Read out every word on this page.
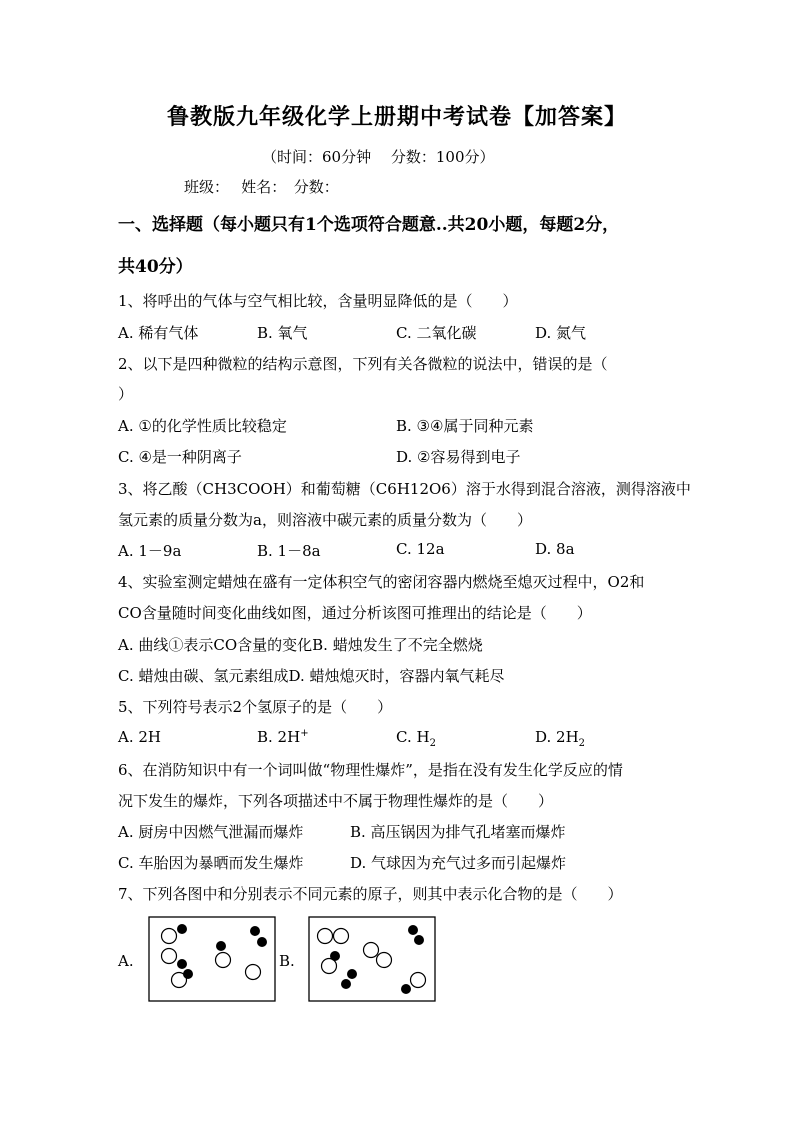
鲁教版九年级化学上册期中考试卷【加答案】
（时间：60分钟　 分数：100分）
班级：　 姓名：　分数：
一、选择题（每小题只有1个选项符合题意..共20小题，每题2分，
共40分）
1、将呼出的气体与空气相比较，含量明显降低的是（　　）
A. 稀有气体	B. 氧气	C. 二氧化碳	D. 氮气
2、以下是四种微粒的结构示意图，下列有关各微粒的说法中，错误的是（
）
A. ①的化学性质比较稳定	B. ③④属于同种元素
C. ④是一种阴离子	D. ②容易得到电子
3、将乙酸（CH3COOH）和葡萄糖（C6H12O6）溶于水得到混合溶液，测得溶液中
氢元素的质量分数为a，则溶液中碳元素的质量分数为（　　）
A. 1－9a	B. 1－8a	C. 12a	D. 8a
4、实验室测定蜡烛在盛有一定体积空气的密闭容器内燃烧至熄灭过程中，O2和
CO含量随时间变化曲线如图，通过分析该图可推理出的结论是（　　）
A. 曲线①表示CO含量的变化B. 蜡烛发生了不完全燃烧
C. 蜡烛由碳、氢元素组成D. 蜡烛熄灭时，容器内氧气耗尽
5、下列符号表示2个氢原子的是（　　）
A. 2H	B. 2H+	C. $H_2$	D. $2H_2$
6、在消防知识中有一个词叫做“物理性爆炸”，是指在没有发生化学反应的情
况下发生的爆炸，下列各项描述中不属于物理性爆炸的是（　　）
A. 厨房中因燃气泄漏而爆炸	B. 高压锅因为排气孔堵塞而爆炸
C. 车胎因为暴晒而发生爆炸	D. 气球因为充气过多而引起爆炸
7、下列各图中和分别表示不同元素的原子，则其中表示化合物的是（　　）
A.	B.
